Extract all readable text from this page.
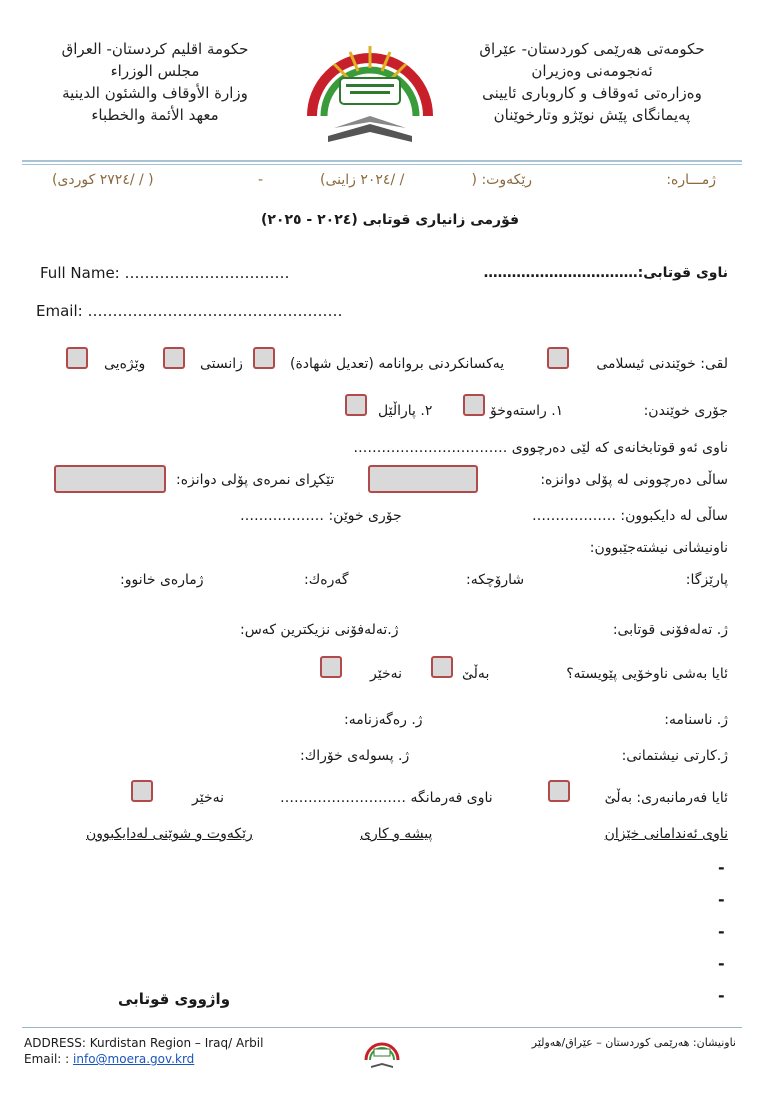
حکومة اقليم كردستان- العراق
مجلس الوزراء
وزارة الأوقاف والشئون الدينية
معهد الأئمة والخطباء
حکومەتی هەرێمی کوردستان- عێراق
ئەنجومەنی وەزیران
وەزارەتی ئەوقاف و كاروباری ئایینی
پەیمانگای پێش نوێژو وتارخوێنان
ژمـــاره:
رێکەوت: (
/ /٢٠٢٤ زاینی)
-
( / /٢٧٢٤ کوردی)
فۆرمی زانیاری قوتابی (٢٠٢٤ - ٢٠٢٥)
Full Name: ……………………………	ناوی قوتابی:……………………………
Email: ……………………………………………
لقی: خوێندنی ئیسلامی
یەکسانکردنی بروانامە (تعدیل شهادة)
زانستی
وێژەیی
جۆری خوێندن:
١. راستەوخۆ
٢. پاراڵێل
ناوی ئەو قوتابخانەی کە لێی دەرچووی ……………………………
ساڵی دەرچوونی لە پۆلی دوانزە:
تێکڕای نمرەی پۆلی دوانزە:
ساڵی لە دایکبوون: ………………
جۆری خوێن: ………………
ناونیشانی نیشتەجێبوون:
پارێزگا:
شارۆچکە:
گەرەك:
ژمارەی خانوو:
ژ. تەلەفۆنی قوتابی:
ژ.تەلەفۆنی نزیکترین کەس:
ئایا بەشی ناوخۆیی پێویستە؟
بەڵێ
نەخێر
ژ. ناسنامە:
ژ. رەگەزنامە:
ژ.کارتی نیشتمانی:
ژ. پسولەی خۆراك:
ئایا فەرمانبەری: بەڵێ
ناوی فەرمانگە ………………………
نەخێر
ناوی ئەندامانی خێزان
پیشە و کاری
رێکەوت و شوێنی لەدایکبوون
-
-
-
-
-
واژووی قوتابی
ADDRESS: Kurdistan Region – Iraq/ Arbil
Email: : info@moera.gov.krd
ناونیشان: هەرێمی کوردستان – عێراق/هەولێر
